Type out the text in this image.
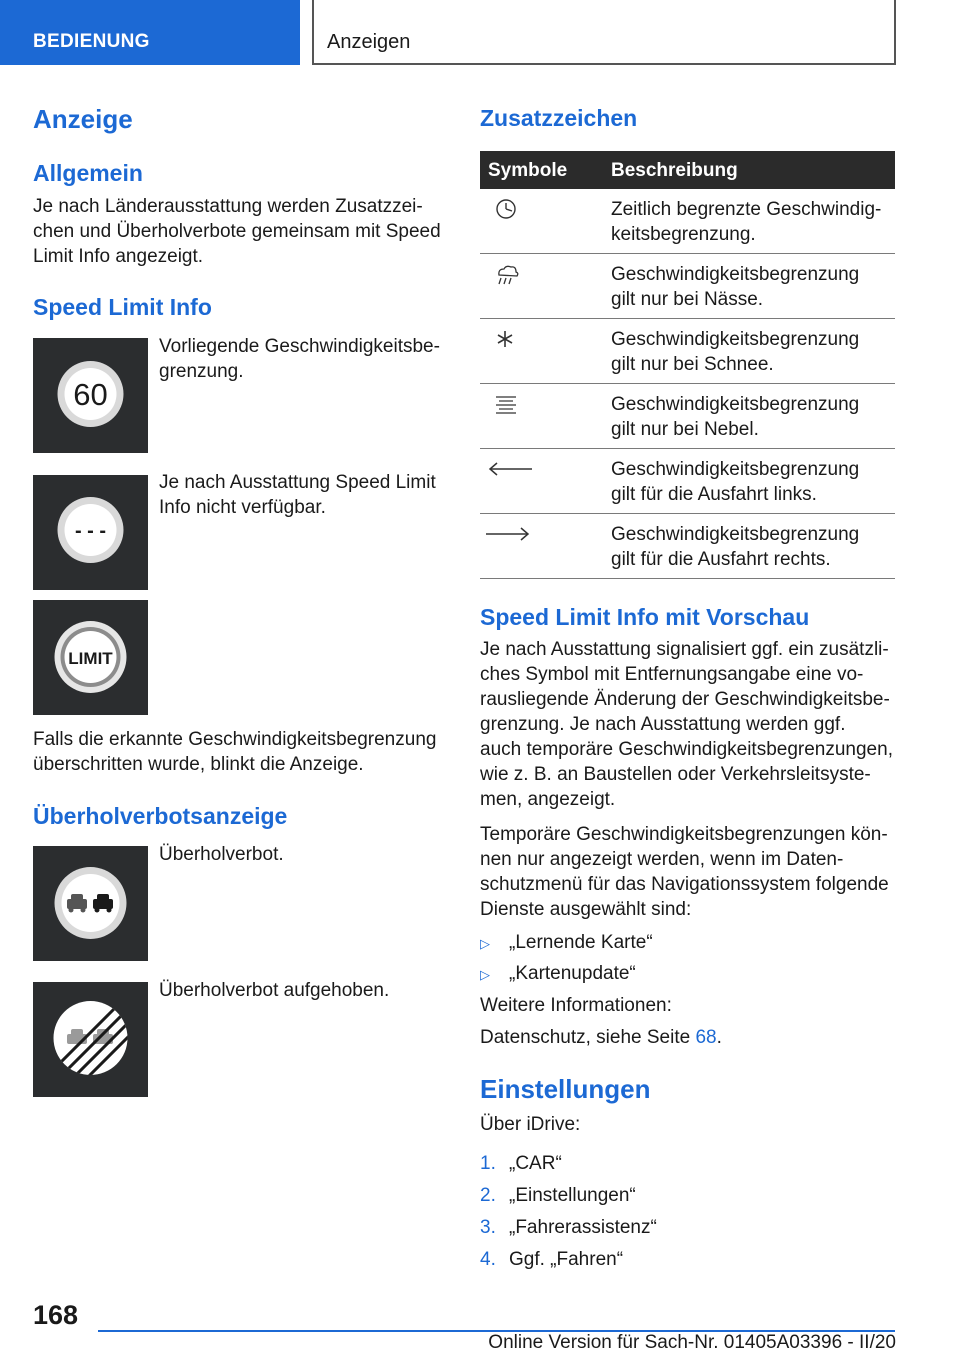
BEDIENUNG	Anzeigen
Anzeige
Allgemein
Je nach Länderausstattung werden Zusatzzei-
chen und Überholverbote gemeinsam mit Speed
Limit Info angezeigt.
Speed Limit Info
60
Vorliegende Geschwindigkeitsbe-
grenzung.
- - -
Je nach Ausstattung Speed Limit
Info nicht verfügbar.
LIMIT
Falls die erkannte Geschwindigkeitsbegrenzung
überschritten wurde, blinkt die Anzeige.
Überholverbotsanzeige
Überholverbot.
Überholverbot aufgehoben.
Zusatzzeichen
Symbole Beschreibung
Zeitlich begrenzte Geschwindig-
keitsbegrenzung.
Geschwindigkeitsbegrenzung
gilt nur bei Nässe.
Geschwindigkeitsbegrenzung
gilt nur bei Schnee.
Geschwindigkeitsbegrenzung
gilt nur bei Nebel.
Geschwindigkeitsbegrenzung
gilt für die Ausfahrt links.
Geschwindigkeitsbegrenzung
gilt für die Ausfahrt rechts.
Speed Limit Info mit Vorschau
Je nach Ausstattung signalisiert ggf. ein zusätzli-
ches Symbol mit Entfernungsangabe eine vo-
rausliegende Änderung der Geschwindigkeitsbe-
grenzung. Je nach Ausstattung werden ggf.
auch temporäre Geschwindigkeitsbegrenzungen,
wie z. B. an Baustellen oder Verkehrsleitsyste-
men, angezeigt.
Temporäre Geschwindigkeitsbegrenzungen kön-
nen nur angezeigt werden, wenn im Daten-
schutzmenü für das Navigationssystem folgende
Dienste ausgewählt sind:
▷ „Lernende Karte“
▷ „Kartenupdate“
Weitere Informationen:
Datenschutz, siehe Seite 68.
Einstellungen
Über iDrive:
1. „CAR“
2. „Einstellungen“
3. „Fahrerassistenz“
4. Ggf. „Fahren“
168
Online Version für Sach-Nr. 01405A03396 - II/20
